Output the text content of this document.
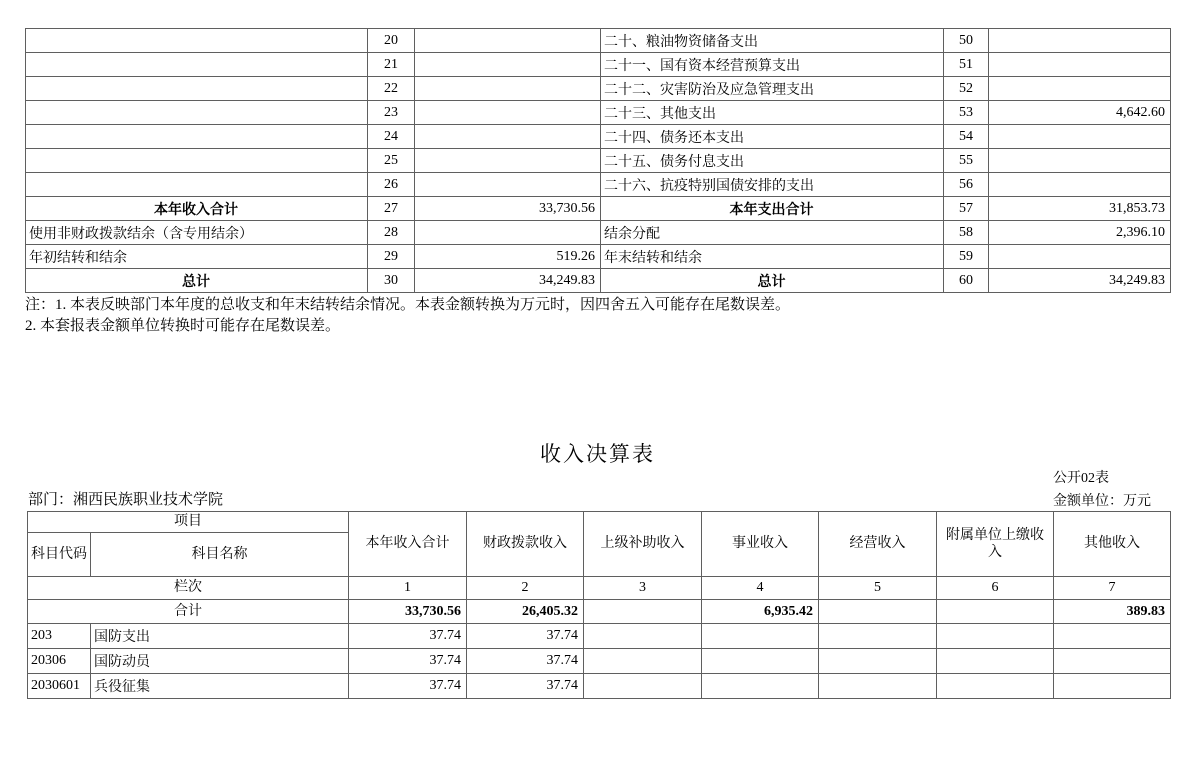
	20		二十、粮油物资储备支出	50	
	21		二十一、国有资本经营预算支出	51	
	22		二十二、灾害防治及应急管理支出	52	
	23		二十三、其他支出	53	4,642.60
	24		二十四、债务还本支出	54	
	25		二十五、债务付息支出	55	
	26		二十六、抗疫特别国债安排的支出	56	
本年收入合计	27	33,730.56	本年支出合计	57	31,853.73
使用非财政拨款结余（含专用结余）	28		结余分配	58	2,396.10
年初结转和结余	29	519.26	年末结转和结余	59	
总计	30	34,249.83	总计	60	34,249.83
注：1. 本表反映部门本年度的总收支和年末结转结余情况。本表金额转换为万元时，因四舍五入可能存在尾数误差。
2. 本套报表金额单位转换时可能存在尾数误差。
收入决算表
公开02表
部门：湘西民族职业技术学院	金额单位：万元
项目		本年收入合计	财政拨款收入	上级补助收入	事业收入	经营收入	附属单位上缴收入	其他收入
科目代码	科目名称							
栏次		1	2	3	4	5	6	7
合计		33,730.56	26,405.32		6,935.42			389.83
203	国防支出	37.74	37.74					
20306	国防动员	37.74	37.74					
2030601	兵役征集	37.74	37.74					
